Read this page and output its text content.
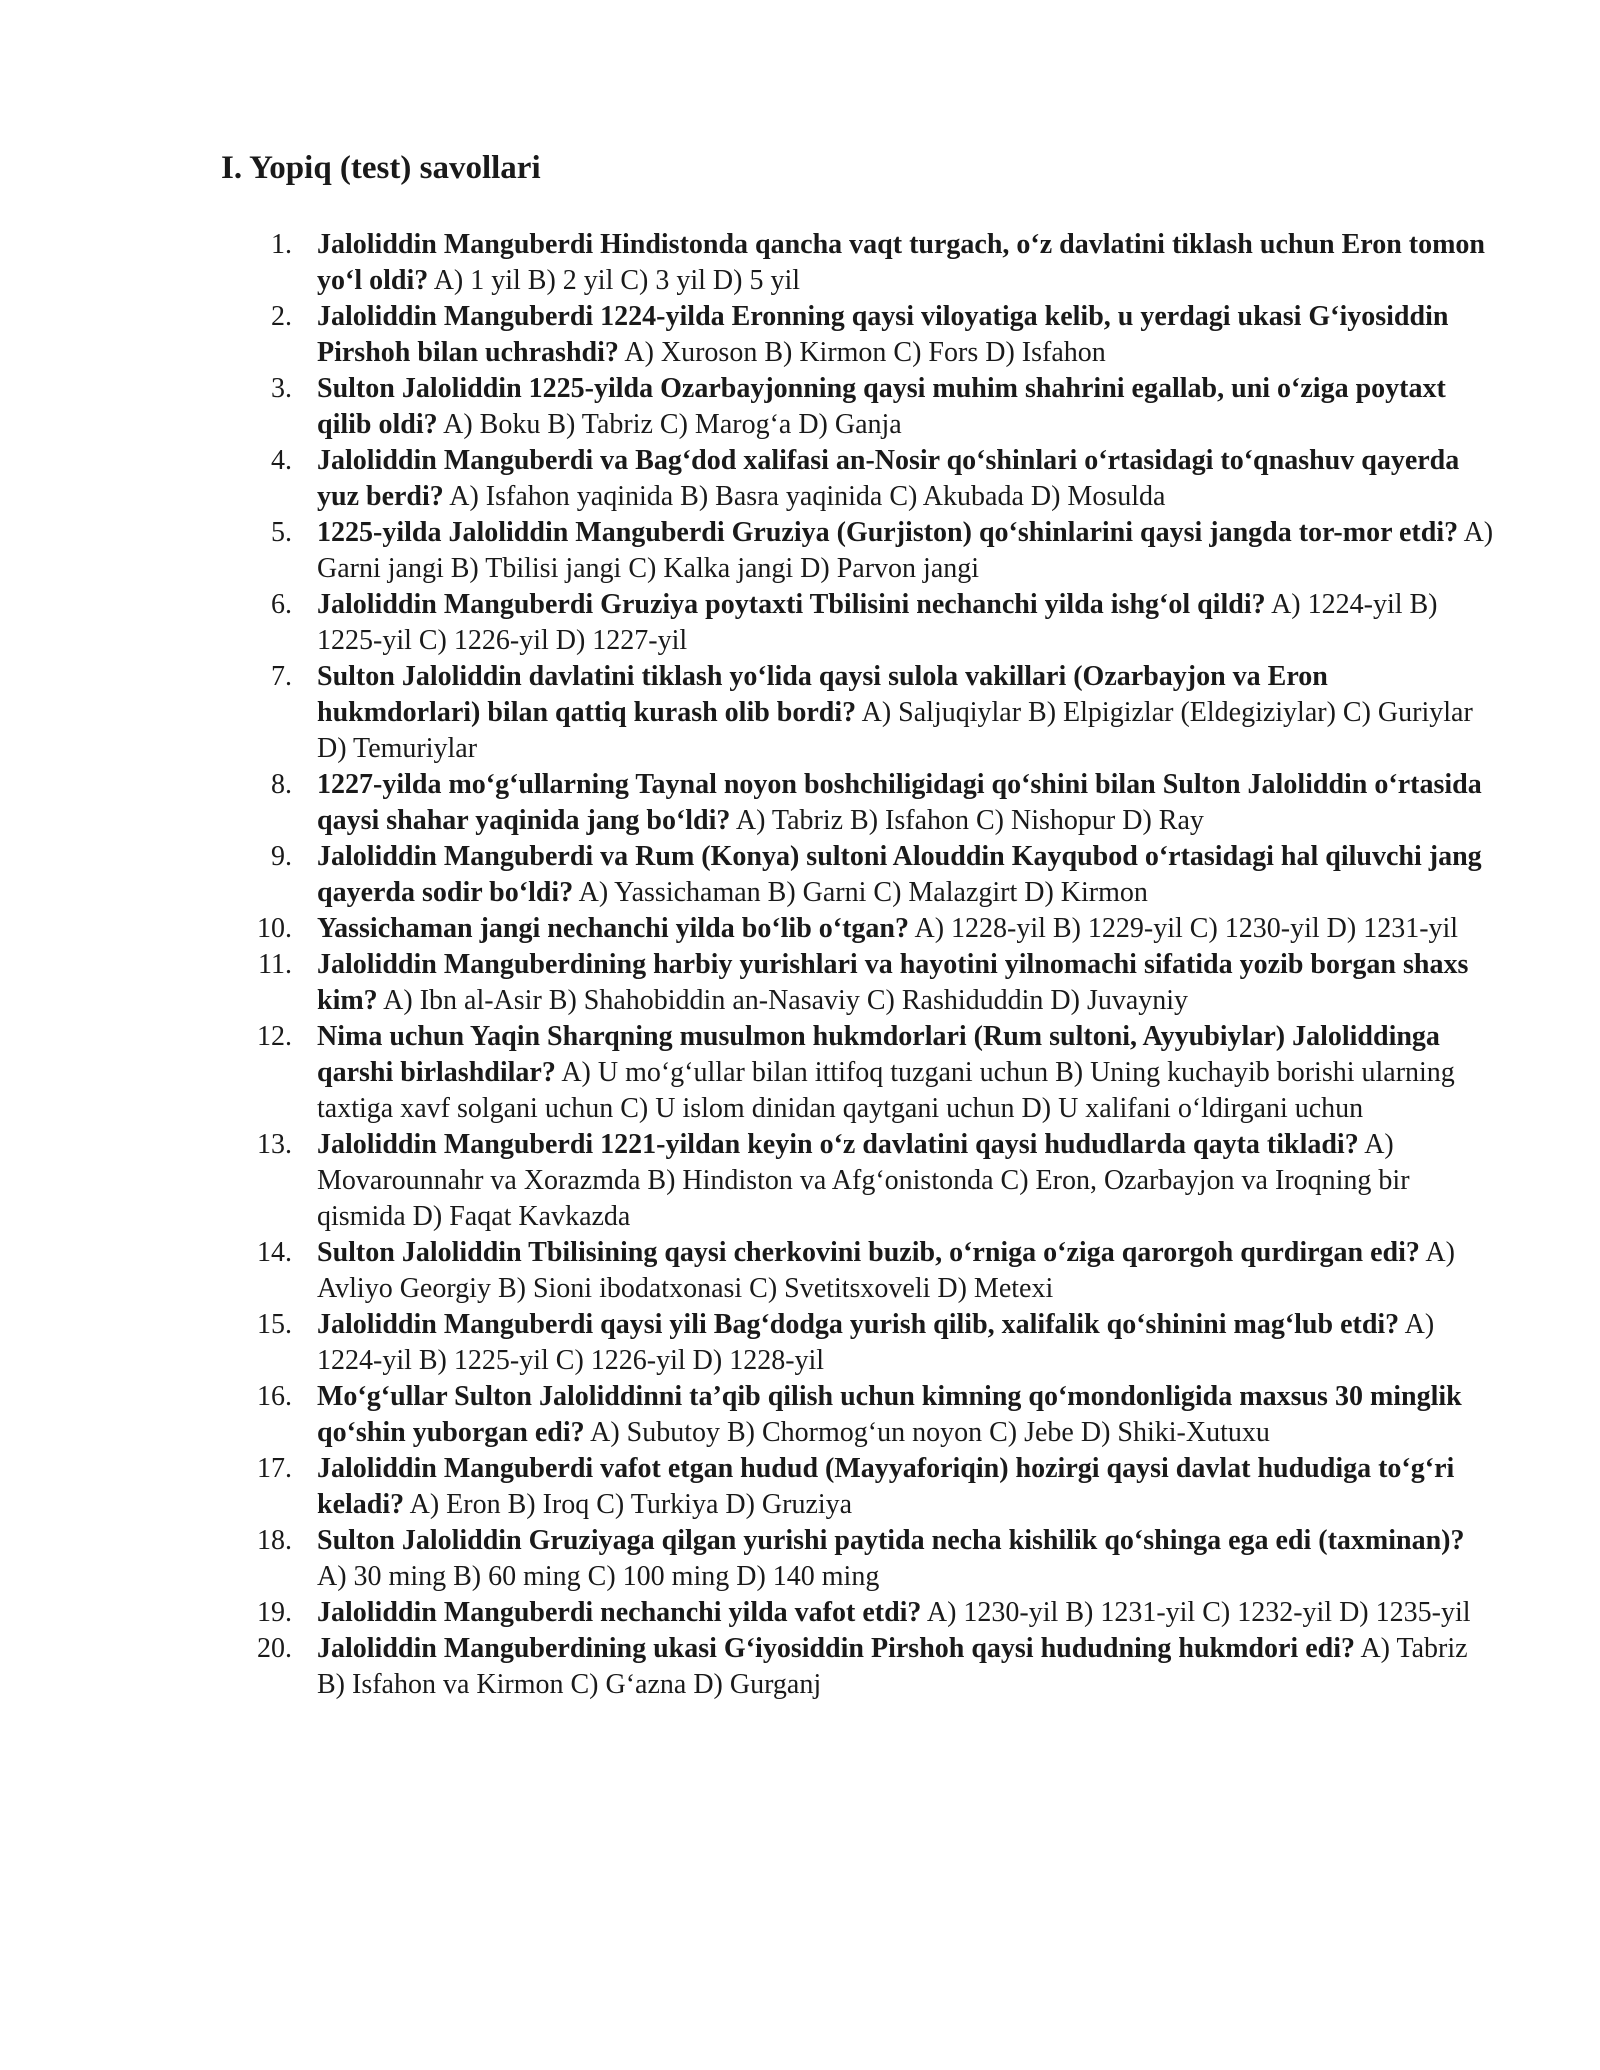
I. Yopiq (test) savollari
1. Jaloliddin Manguberdi Hindistonda qancha vaqt turgach, o‘z davlatini tiklash uchun Eron tomon yo‘l oldi? A) 1 yil B) 2 yil C) 3 yil D) 5 yil
2. Jaloliddin Manguberdi 1224-yilda Eronning qaysi viloyatiga kelib, u yerdagi ukasi G‘iyosiddin Pirshoh bilan uchrashdi? A) Xuroson B) Kirmon C) Fors D) Isfahon
3. Sulton Jaloliddin 1225-yilda Ozarbayjonning qaysi muhim shahrini egallab, uni o‘ziga poytaxt qilib oldi? A) Boku B) Tabriz C) Marog‘a D) Ganja
4. Jaloliddin Manguberdi va Bag‘dod xalifasi an-Nosir qo‘shinlari o‘rtasidagi to‘qnashuv qayerda yuz berdi? A) Isfahon yaqinida B) Basra yaqinida C) Akubada D) Mosulda
5. 1225-yilda Jaloliddin Manguberdi Gruziya (Gurjiston) qo‘shinlarini qaysi jangda tor-mor etdi? A) Garni jangi B) Tbilisi jangi C) Kalka jangi D) Parvon jangi
6. Jaloliddin Manguberdi Gruziya poytaxti Tbilisini nechanchi yilda ishg‘ol qildi? A) 1224-yil B) 1225-yil C) 1226-yil D) 1227-yil
7. Sulton Jaloliddin davlatini tiklash yo‘lida qaysi sulola vakillari (Ozarbayjon va Eron hukmdorlari) bilan qattiq kurash olib bordi? A) Saljuqiylar B) Elpigizlar (Eldegiziylar) C) Guriylar D) Temuriylar
8. 1227-yilda mo‘g‘ullarning Taynal noyon boshchiligidagi qo‘shini bilan Sulton Jaloliddin o‘rtasida qaysi shahar yaqinida jang bo‘ldi? A) Tabriz B) Isfahon C) Nishopur D) Ray
9. Jaloliddin Manguberdi va Rum (Konya) sultoni Alouddin Kayqubod o‘rtasidagi hal qiluvchi jang qayerda sodir bo‘ldi? A) Yassichaman B) Garni C) Malazgirt D) Kirmon
10. Yassichaman jangi nechanchi yilda bo‘lib o‘tgan? A) 1228-yil B) 1229-yil C) 1230-yil D) 1231-yil
11. Jaloliddin Manguberdining harbiy yurishlari va hayotini yilnomachi sifatida yozib borgan shaxs kim? A) Ibn al-Asir B) Shahobiddin an-Nasaviy C) Rashiduddin D) Juvayniy
12. Nima uchun Yaqin Sharqning musulmon hukmdorlari (Rum sultoni, Ayyubiylar) Jaloliddinga qarshi birlashdilar? A) U mo‘g‘ullar bilan ittifoq tuzgani uchun B) Uning kuchayib borishi ularning taxtiga xavf solgani uchun C) U islom dinidan qaytgani uchun D) U xalifani o‘ldirgani uchun
13. Jaloliddin Manguberdi 1221-yildan keyin o‘z davlatini qaysi hududlarda qayta tikladi? A) Movarounnahr va Xorazmda B) Hindiston va Afg‘onistonda C) Eron, Ozarbayjon va Iroqning bir qismida D) Faqat Kavkazda
14. Sulton Jaloliddin Tbilisining qaysi cherkovini buzib, o‘rniga o‘ziga qarorgoh qurdirgan edi? A) Avliyo Georgiy B) Sioni ibodatxonasi C) Svetitsxoveli D) Metexi
15. Jaloliddin Manguberdi qaysi yili Bag‘dodga yurish qilib, xalifalik qo‘shinini mag‘lub etdi? A) 1224-yil B) 1225-yil C) 1226-yil D) 1228-yil
16. Mo‘g‘ullar Sulton Jaloliddinni ta’qib qilish uchun kimning qo‘mondonligida maxsus 30 minglik qo‘shin yuborgan edi? A) Subutoy B) Chormog‘un noyon C) Jebe D) Shiki-Xutuxu
17. Jaloliddin Manguberdi vafot etgan hudud (Mayyaforiqin) hozirgi qaysi davlat hududiga to‘g‘ri keladi? A) Eron B) Iroq C) Turkiya D) Gruziya
18. Sulton Jaloliddin Gruziyaga qilgan yurishi paytida necha kishilik qo‘shinga ega edi (taxminan)? A) 30 ming B) 60 ming C) 100 ming D) 140 ming
19. Jaloliddin Manguberdi nechanchi yilda vafot etdi? A) 1230-yil B) 1231-yil C) 1232-yil D) 1235-yil
20. Jaloliddin Manguberdining ukasi G‘iyosiddin Pirshoh qaysi hududning hukmdori edi? A) Tabriz B) Isfahon va Kirmon C) G‘azna D) Gurganj
